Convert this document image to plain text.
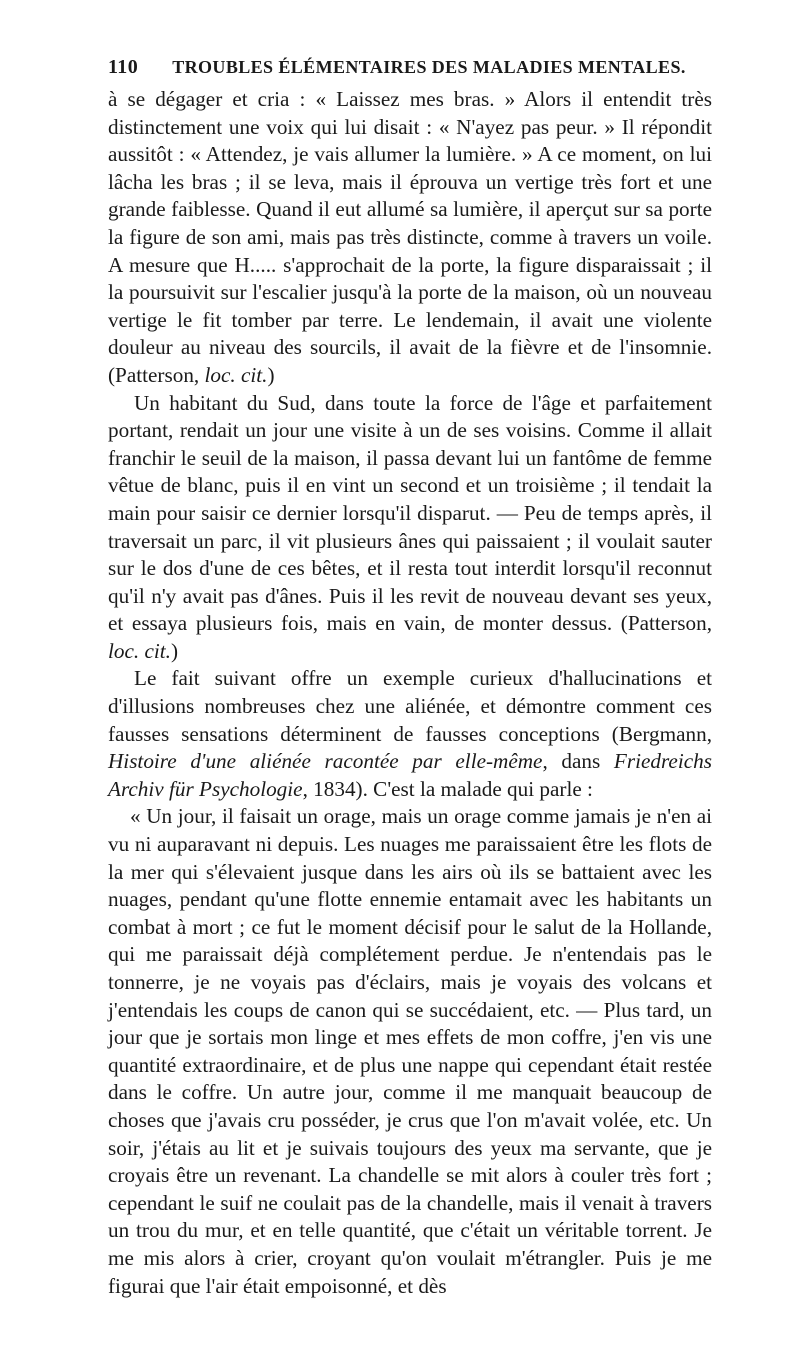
110	TROUBLES ÉLÉMENTAIRES DES MALADIES MENTALES.

à se dégager et cria : « Laissez mes bras. » Alors il entendit très distinctement une voix qui lui disait : « N'ayez pas peur. » Il répondit aussitôt : « Attendez, je vais allumer la lumière. » A ce moment, on lui lâcha les bras ; il se leva, mais il éprouva un vertige très fort et une grande faiblesse. Quand il eut allumé sa lumière, il aperçut sur sa porte la figure de son ami, mais pas très distincte, comme à travers un voile. A mesure que H..... s'approchait de la porte, la figure disparaissait ; il la poursuivit sur l'escalier jusqu'à la porte de la maison, où un nouveau vertige le fit tomber par terre. Le lendemain, il avait une violente douleur au niveau des sourcils, il avait de la fièvre et de l'insomnie. (Patterson, loc. cit.)

Un habitant du Sud, dans toute la force de l'âge et parfaitement portant, rendait un jour une visite à un de ses voisins. Comme il allait franchir le seuil de la maison, il passa devant lui un fantôme de femme vêtue de blanc, puis il en vint un second et un troisième ; il tendait la main pour saisir ce dernier lorsqu'il disparut. — Peu de temps après, il traversait un parc, il vit plusieurs ânes qui paissaient ; il voulait sauter sur le dos d'une de ces bêtes, et il resta tout interdit lorsqu'il reconnut qu'il n'y avait pas d'ânes. Puis il les revit de nouveau devant ses yeux, et essaya plusieurs fois, mais en vain, de monter dessus. (Patterson, loc. cit.)

Le fait suivant offre un exemple curieux d'hallucinations et d'illusions nombreuses chez une aliénée, et démontre comment ces fausses sensations déterminent de fausses conceptions (Bergmann, Histoire d'une aliénée racontée par elle-même, dans Friedreichs Archiv für Psychologie, 1834). C'est la malade qui parle :

« Un jour, il faisait un orage, mais un orage comme jamais je n'en ai vu ni auparavant ni depuis. Les nuages me paraissaient être les flots de la mer qui s'élevaient jusque dans les airs où ils se battaient avec les nuages, pendant qu'une flotte ennemie entamait avec les habitants un combat à mort ; ce fut le moment décisif pour le salut de la Hollande, qui me paraissait déjà complétement perdue. Je n'entendais pas le tonnerre, je ne voyais pas d'éclairs, mais je voyais des volcans et j'entendais les coups de canon qui se succédaient, etc. — Plus tard, un jour que je sortais mon linge et mes effets de mon coffre, j'en vis une quantité extraordinaire, et de plus une nappe qui cependant était restée dans le coffre. Un autre jour, comme il me manquait beaucoup de choses que j'avais cru posséder, je crus que l'on m'avait volée, etc. Un soir, j'étais au lit et je suivais toujours des yeux ma servante, que je croyais être un revenant. La chandelle se mit alors à couler très fort ; cependant le suif ne coulait pas de la chandelle, mais il venait à travers un trou du mur, et en telle quantité, que c'était un véritable torrent. Je me mis alors à crier, croyant qu'on voulait m'étrangler. Puis je me figurai que l'air était empoisonné, et dès
